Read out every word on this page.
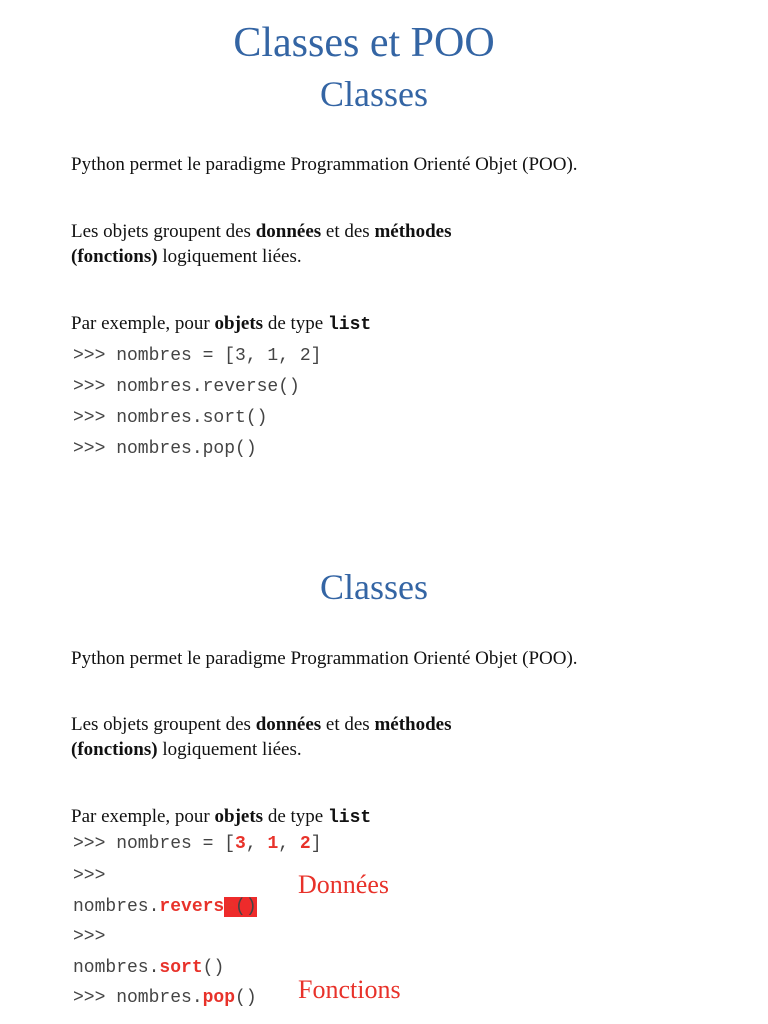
Classes et POO
Classes
Python permet le paradigme Programmation Orienté Objet (POO).
Les objets groupent des données et des méthodes
(fonctions) logiquement liées.
Par exemple, pour objets de type list
>>> nombres = [3, 1, 2]
>>> nombres.reverse()
>>> nombres.sort()
>>> nombres.pop()
Classes
Python permet le paradigme Programmation Orienté Objet (POO).
Les objets groupent des données et des méthodes
(fonctions) logiquement liées.
Par exemple, pour objets de type list
>>> nombres = [3, 1, 2]
>>>	Données
nombres.reverse()
>>>
nombres.sort()
>>> nombres.pop() Fonctions
